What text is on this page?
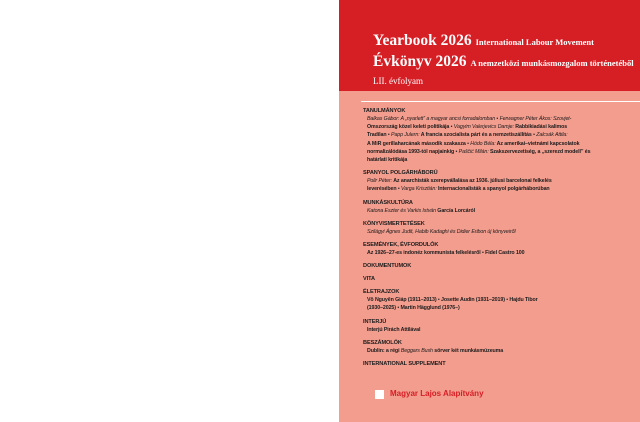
Yearbook 2026 International Labour Movement
Évkönyv 2026 A nemzetközi munkásmozgalom történetéből
LII. évfolyam
TANULMÁNYOK
Balkas Gábor: A „nyarlett” a magyar ancsi forradalomban • Ferwagner Péter Ákos: Szovjet-
Omszország közel keleti politikája • Vagyim Valerjevics Damje: Rabbikiadási kalimos
Tradilan • Papp Julern: A francia szocialista párt és a nemzetiszállítás • Zalcsák Attila:
A MiR gerillaharcának második szakasza • Hódo Béla: Az amerikai–vietnámi kapcsolatok
normalizálódása 1993-tól napjainkig • Paščić Milán: Szakszervezetiség, a „szerezd modell” és
határlati kritikája
SPANYOL POLGÁRHÁBORÚ
Polir Péter: Az anarchisták szerepvállalása az 1936. júliusi barcelonai felkelés
leverésében • Varga Krisztián: Internacionalisták a spanyol polgárháborúban
MUNKÁSKULTÚRA
Katona Eszter és Varkis István García Lorcáról
KÖNYVISMERTETÉSEK
Szilágyi Ágnes Judit, Habib Kadaghi és Didier Eribon új könyveiről
ESEMÉNYEK, ÉVFORDULÓK
Az 1926–27-es indonéz kommunista felkelésről • Fidel Castro 100
DOKUMENTUMOK
VITA
ÉLETRAJZOK
Võ Nguyên Giáp (1911–2013) • Josette Audin (1931–2019) • Hajdu Tibor
(1930–2025) • Martin Hägglund (1976–)
INTERJÚ
Interjú Pirách Attilával
BESZÁMOLÓK
Dublin: a régi Beggars Bush sörver két munkásmúzeuma
INTERNATIONAL SUPPLEMENT
Magyar Lajos Alapítvány
